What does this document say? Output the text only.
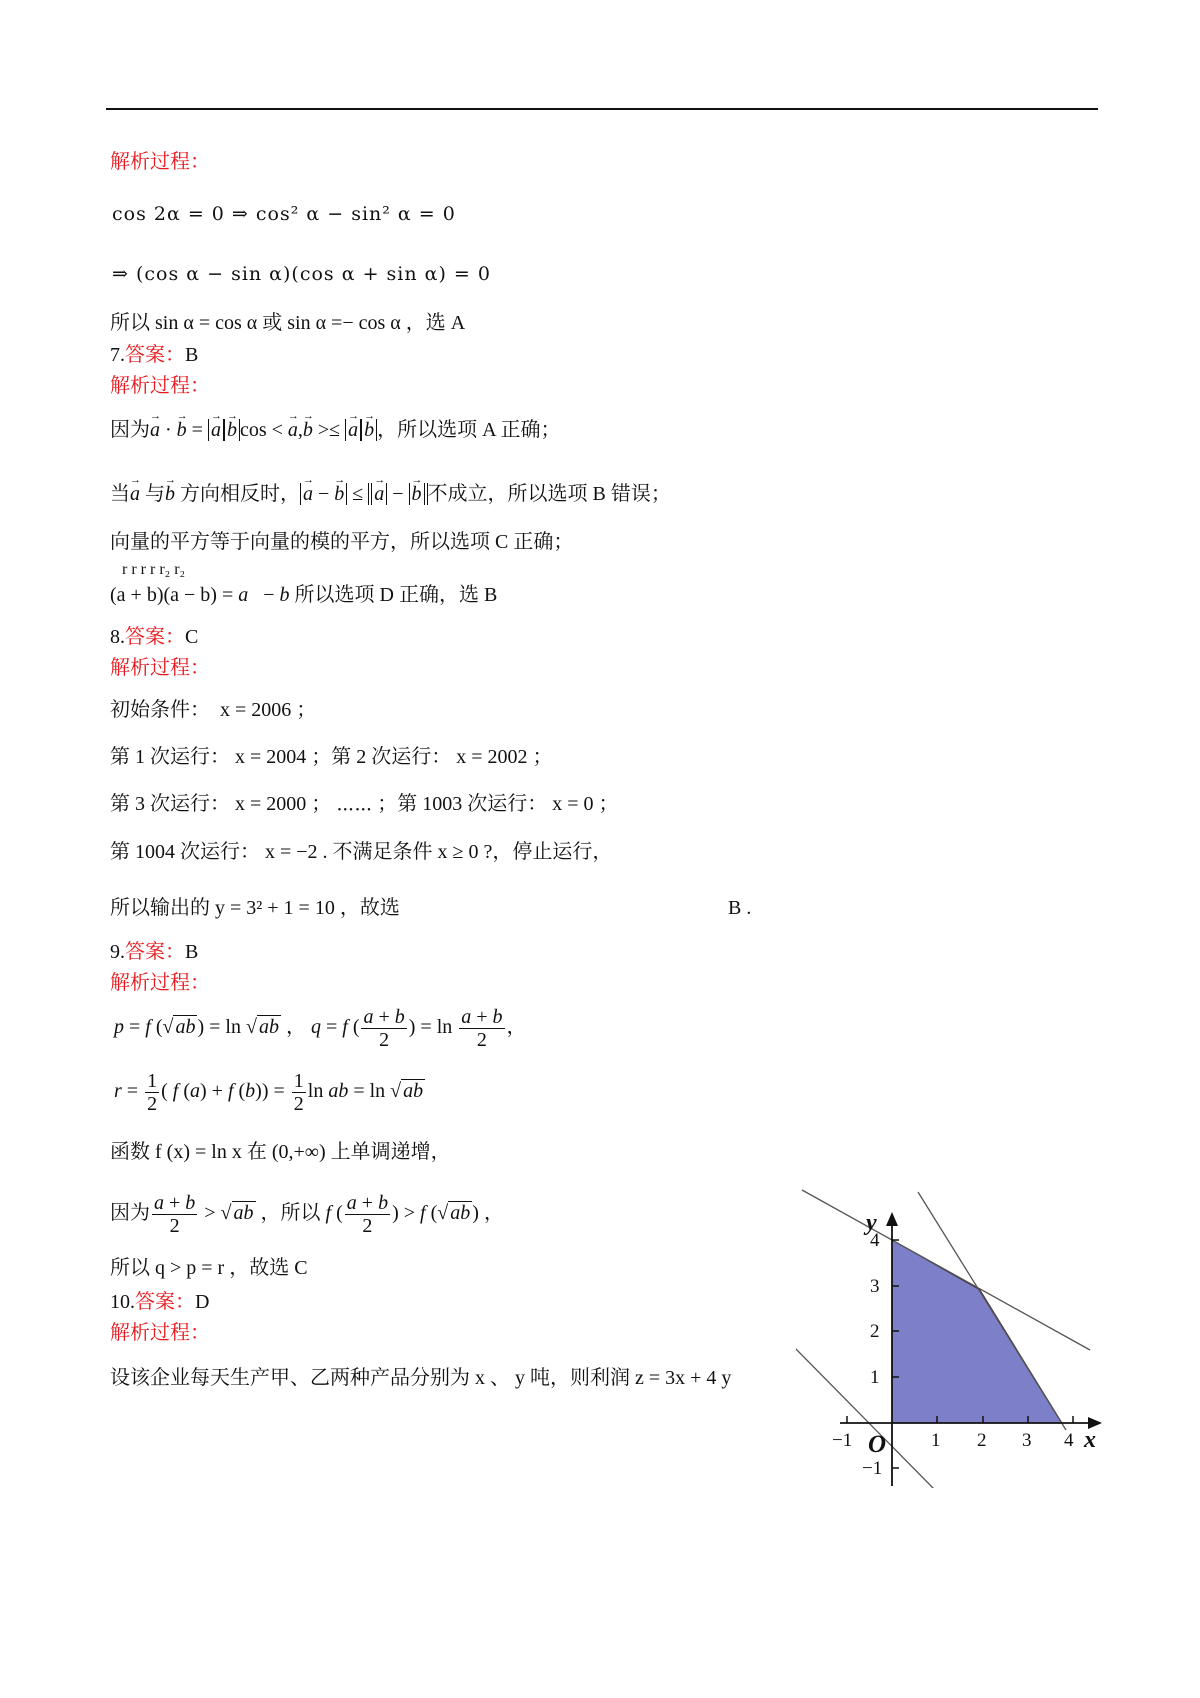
解析过程：
cos 2α = 0 ⇒ cos² α − sin² α = 0
⇒ (cos α − sin α)(cos α + sin α) = 0
所以 sin α = cos α 或 sin α =− cos α ，选 A
7.答案：B
解析过程：
因为→ a · → b = → a → b cos < → a,→ b >≤ → a → b ，所以选项 A 正确；
当→ a 与→ b 方向相反时， → a − → b ≤ → a − → b 不成立，所以选项 B 错误；
向量的平方等于向量的模的平方，所以选项 C 正确；
r r r r r₂ r₂
(a + b)(a − b) = a   − b 所以选项 D 正确，选 B
8.答案：C
解析过程：
初始条件： x = 2006 ；
第 1 次运行： x = 2004 ；第 2 次运行： x = 2002 ；
第 3 次运行： x = 2000 ； ⋯⋯ ；第 1003 次运行： x = 0 ；
第 1004 次运行： x = −2 . 不满足条件 x ≥ 0 ?，停止运行，
所以输出的 y = 3² + 1 = 10 ，故选	B .
9.答案：B
解析过程：
p = f (√ ab ) = ln √ ab ， q = f ( $\frac{a + b}{2}$ ) = $\ln \frac{a + b}{2}$ ，
$r = \frac{1}{2}$ ( f (a) + f $(b)) = \frac{1}{2}$ ln ab = ln √ ab
函数 f (x) = ln x 在 (0,+∞) 上单调递增，
因为 $\frac{a + b}{2}$ > √ ab ，所以 f ( $\frac{a + b}{2}$ ) > f (√ ab ) ，
所以 q > p = r ，故选 C
10.答案：D
解析过程：
设该企业每天生产甲、乙两种产品分别为 x 、 y 吨，则利润 z = 3x + 4 y
−1	1 2 3 4
4
3
2
1
−1
y
x
O
